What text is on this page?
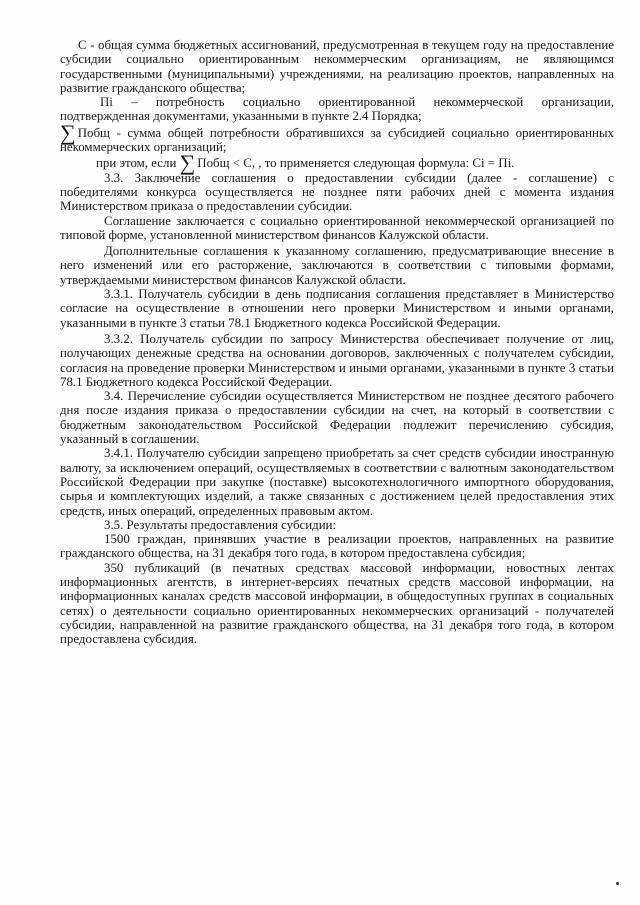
С - общая сумма бюджетных ассигнований, предусмотренная в текущем году на предоставление субсидии социально ориентированным некоммерческим организациям, не являющимся государственными (муниципальными) учреждениями, на реализацию проектов, направленных на развитие гражданского общества;

Пi – потребность социально ориентированной некоммерческой организации, подтвержденная документами, указанными в пункте 2.4 Порядка;

∑ Побщ - сумма общей потребности обратившихся за субсидией социально ориентированных некоммерческих организаций;

при этом, если ∑ Побщ < С, , то применяется следующая формула: Ci = Пi.

3.3. Заключение соглашения о предоставлении субсидии (далее - соглашение) с победителями конкурса осуществляется не позднее пяти рабочих дней с момента издания Министерством приказа о предоставлении субсидии.

Соглашение заключается с социально ориентированной некоммерческой организацией по типовой форме, установленной министерством финансов Калужской области.

Дополнительные соглашения к указанному соглашению, предусматривающие внесение в него изменений или его расторжение, заключаются в соответствии с типовыми формами, утверждаемыми министерством финансов Калужской области.

3.3.1. Получатель субсидии в день подписания соглашения представляет в Министерство согласие на осуществление в отношении него проверки Министерством и иными органами, указанными в пункте 3 статьи 78.1 Бюджетного кодекса Российской Федерации.

3.3.2. Получатель субсидии по запросу Министерства обеспечивает получение от лиц, получающих денежные средства на основании договоров, заключенных с получателем субсидии, согласия на проведение проверки Министерством и иными органами, указанными в пункте 3 статьи 78.1 Бюджетного кодекса Российской Федерации.

3.4. Перечисление субсидии осуществляется Министерством не позднее десятого рабочего дня после издания приказа о предоставлении субсидии на счет, на который в соответствии с бюджетным законодательством Российской Федерации подлежит перечислению субсидия, указанный в соглашении.

3.4.1. Получателю субсидии запрещено приобретать за счет средств субсидии иностранную валюту, за исключением операций, осуществляемых в соответствии с валютным законодательством Российской Федерации при закупке (поставке) высокотехнологичного импортного оборудования, сырья и комплектующих изделий, а также связанных с достижением целей предоставления этих средств, иных операций, определенных правовым актом.

3.5. Результаты предоставления субсидии:

1500 граждан, принявших участие в реализации проектов, направленных на развитие гражданского общества, на 31 декабря того года, в котором предоставлена субсидия;

350 публикаций (в печатных средствах массовой информации, новостных лентах информационных агентств, в интернет-версиях печатных средств массовой информации, на информационных каналах средств массовой информации, в общедоступных группах в социальных сетях) о деятельности социально ориентированных некоммерческих организаций - получателей субсидии, направленной на развитие гражданского общества, на 31 декабря того года, в котором предоставлена субсидия.
